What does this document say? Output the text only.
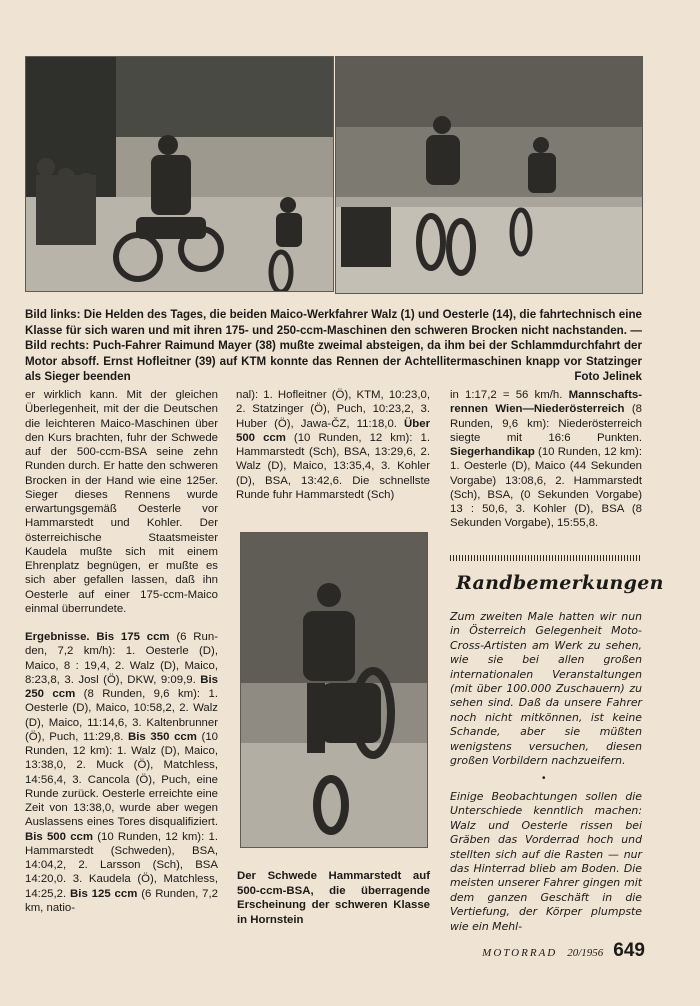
Bild links: Die Helden des Tages, die beiden Maico-Werkfahrer Walz (1) und Oesterle (14), die fahrtechnisch eine Klasse für sich waren und mit ihren 175- und 250-ccm-Maschinen den schweren Brocken nicht nachstanden. — Bild rechts: Puch-Fahrer Raimund Mayer (38) mußte zweimal absteigen, da ihm bei der Schlammdurchfahrt der Motor absoff. Ernst Hofleitner (39) auf KTM konnte das Rennen der Achtellitermaschinen knapp vor Statzinger als Sieger beenden	Foto Jelinek

er wirklich kann. Mit der gleichen Überlegenheit, mit der die Deutschen die leichteren Maico-Maschinen über den Kurs brachten, fuhr der Schwede auf der 500-ccm-BSA seine zehn Runden durch. Er hatte den schweren Brocken in der Hand wie eine 125er. Sieger dieses Rennens wurde erwartungsgemäß Oesterle vor Hammarstedt und Kohler. Der österreichische Staatsmeister Kaudela mußte sich mit einem Ehrenplatz begnügen, er mußte es sich aber gefallen lassen, daß ihn Oesterle auf einer 175-ccm-Maico einmal überrundete.

Ergebnisse. Bis 175 ccm (6 Runden, 7,2 km/h): 1. Oesterle (D), Maico, 8 : 19,4, 2. Walz (D), Maico, 8:23,8, 3. Josl (Ö), DKW, 9:09,9. Bis 250 ccm (8 Runden, 9,6 km): 1. Oesterle (D), Maico, 10:58,2, 2. Walz (D), Maico, 11:14,6, 3. Kaltenbrunner (Ö), Puch, 11:29,8. Bis 350 ccm (10 Runden, 12 km): 1. Walz (D), Maico, 13:38,0, 2. Muck (Ö), Matchless, 14:56,4, 3. Cancola (Ö), Puch, eine Runde zurück. Oesterle erreichte eine Zeit von 13:38,0, wurde aber wegen Auslassens eines Tores disqualifiziert. Bis 500 ccm (10 Runden, 12 km): 1. Hammarstedt (Schweden), BSA, 14:04,2, 2. Larsson (Sch), BSA 14:20,0. 3. Kaudela (Ö), Matchless, 14:25,2. Bis 125 ccm (6 Runden, 7,2 km, natio-

nal): 1. Hofleitner (Ö), KTM, 10:23,0, 2. Statzinger (Ö), Puch, 10:23,2, 3. Huber (Ö), Jawa-ČZ, 11:18,0. Über 500 ccm (10 Runden, 12 km): 1. Hammarstedt (Sch), BSA, 13:29,6, 2. Walz (D), Maico, 13:35,4, 3. Kohler (D), BSA, 13:42,6. Die schnellste Runde fuhr Hammarstedt (Sch)

Der Schwede Hammarstedt auf 500-ccm-BSA, die überragende Erscheinung der schweren Klasse in Hornstein

in 1:17,2 = 56 km/h. Mannschaftsrennen Wien—Niederösterreich (8 Runden, 9,6 km): Niederösterreich siegte mit 16:6 Punkten. Siegerhandikap (10 Runden, 12 km): 1. Oesterle (D), Maico (44 Sekunden Vorgabe) 13:08,6, 2. Hammarstedt (Sch), BSA, (0 Sekunden Vorgabe) 13 : 50,6, 3. Kohler (D), BSA (8 Sekunden Vorgabe), 15:55,8.

Randbemerkungen

Zum zweiten Male hatten wir nun in Österreich Gelegenheit Moto-Cross-Artisten am Werk zu sehen, wie sie bei allen großen internationalen Veranstaltungen (mit über 100.000 Zuschauern) zu sehen sind. Daß da unsere Fahrer noch nicht mitkönnen, ist keine Schande, aber sie müßten wenigstens versuchen, diesen großen Vorbildern nachzueifern.

•

Einige Beobachtungen sollen die Unterschiede kenntlich machen: Walz und Oesterle rissen bei Gräben das Vorderrad hoch und stellten sich auf die Rasten — nur das Hinterrad blieb am Boden. Die meisten unserer Fahrer gingen mit dem ganzen Geschäft in die Vertiefung, der Körper plumpste wie ein Mehl-

MOTORRAD 20/1956 649
